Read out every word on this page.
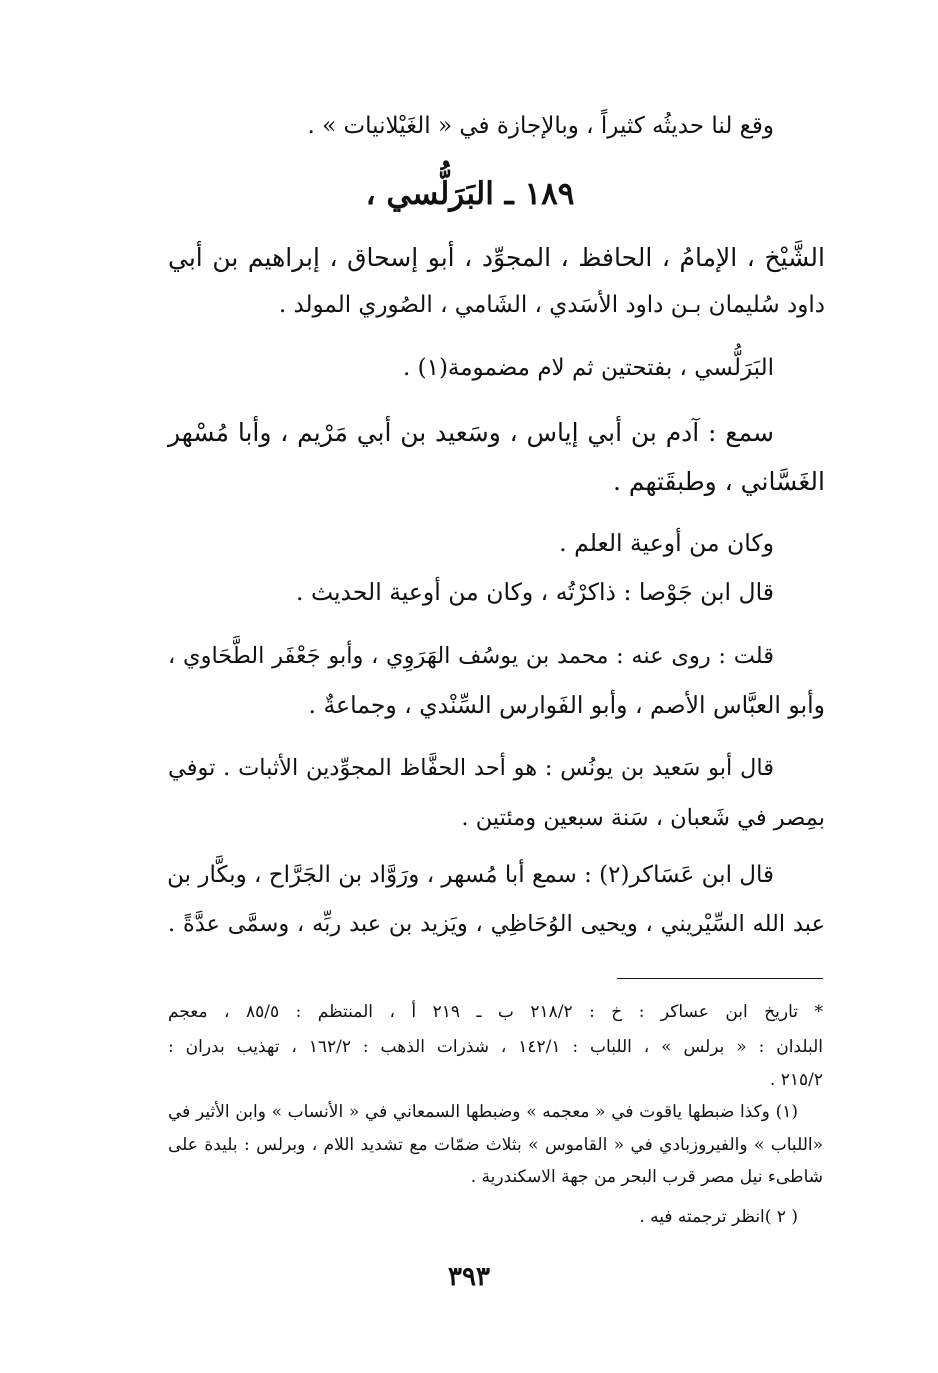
وقع لنا حديثُه كثيراً ، وبالإجازة في « الغَيْلانيات » .
١٨٩ ـ البَرَلُّسي ،
الشَّيْخ ، الإمامُ ، الحافظ ، المجوِّد ، أبو إسحاق ، إبراهيم بن أبي
داود سُليمان بـن داود الأسَدي ، الشَامي ، الصُوري المولد .
البَرَلُّسي ، بفتحتين ثم لام مضمومة(١) .
سمع : آدم بن أبي إياس ، وسَعيد بن أبي مَرْيم ، وأبا مُسْهر
الغَسَّاني ، وطبقَتهم .
وكان من أوعية العلم .
قال ابن جَوْصا : ذاكرْتُه ، وكان من أوعية الحديث .
قلت : روى عنه : محمد بن يوسُف الهَرَوِي ، وأبو جَعْفَر الطَّحَاوي ،
وأبو العبَّاس الأصم ، وأبو الفَوارس السِّنْدي ، وجماعةٌ .
قال أبو سَعيد بن يونُس : هو أحد الحفَّاظ المجوِّدين الأثبات . توفي
بمِصر في شَعبان ، سَنة سبعين ومئتين .
قال ابن عَسَاكر(٢) : سمع أبا مُسهر ، ورَوَّاد بن الجَرَّاح ، وبكَّار بن
عبد الله السِّيْريني ، ويحيى الوُحَاظِي ، ويَزيد بن عبد ربِّه ، وسمَّى عدَّةً .
* تاريخ ابن عساكر : خ : ٢١٨/٢ ب ـ ٢١٩ أ ، المنتظم : ٨٥/٥ ، معجم
البلدان : « برلس » ، اللباب : ١٤٢/١ ، شذرات الذهب : ١٦٢/٢ ، تهذيب بدران :
٢١٥/٢ .
(١) وكذا ضبطها ياقوت في « معجمه » وضبطها السمعاني في « الأنساب » وابن الأثير في
«اللباب » والفيروزبادي في « القاموس » بثلاث ضمّات مع تشديد اللام ، وبرلس : بليدة على
شاطىء نيل مصر قرب البحر من جهة الاسكندرية .
( ٢ )انظر ترجمته فيه .
٣٩٣
